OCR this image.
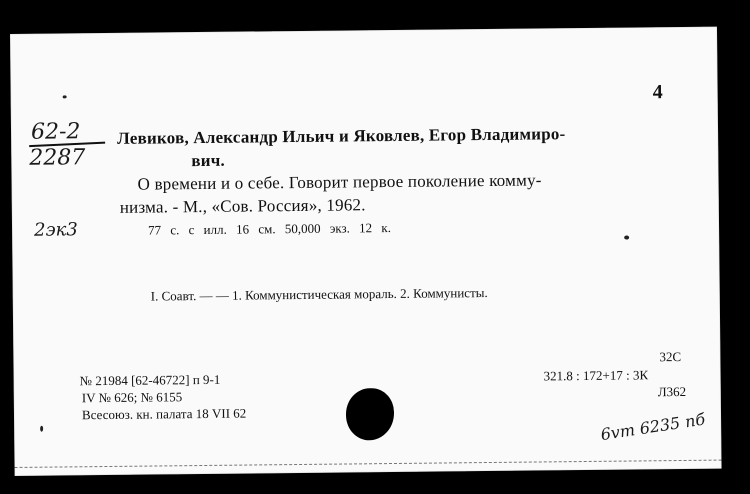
4
62-2
2287
2эк3
Левиков, Александр Ильич и Яковлев, Егор Владимиро-
вич.
О времени и о себе. Говорит первое поколение комму-
низма. - М., «Сов. Россия», 1962.
77 с. с илл. 16 см. 50,000 экз. 12 к.
I. Соавт. — — 1. Коммунистическая мораль. 2. Коммунисты.
№ 21984 [62-46722] п 9-1
IV № 626; № 6155
Всесоюз. кн. палата 18 VII 62
32С
321.8 : 172+17 : 3К
Л362
6vm 6235 пб
